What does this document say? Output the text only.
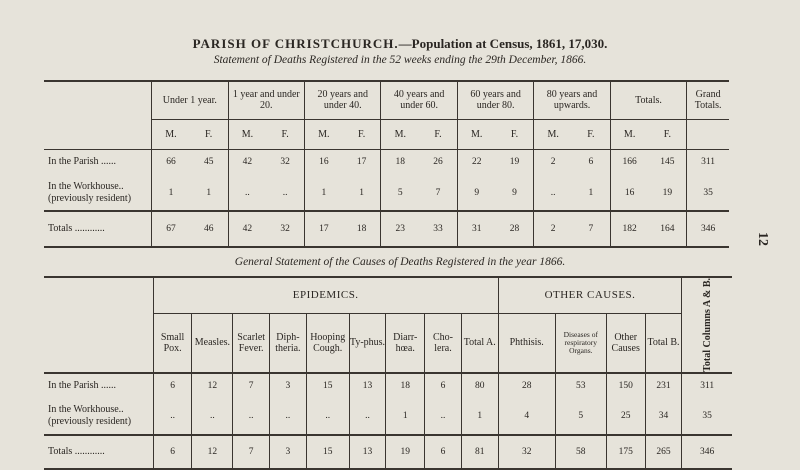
PARISH OF CHRISTCHURCH.—Population at Census, 1861, 17,030.
Statement of Deaths Registered in the 52 weeks ending the 29th December, 1866.
12
	Under 1 year.		1 year and under 20.		20 years and under 40.		40 years and under 60.		60 years and under 80.		80 years and upwards.		Totals.		Grand Totals.
	M.	F.	M.	F.	M.	F.	M.	F.	M.	F.	M.	F.	M.	F.	
In the Parish ......	66	45	42	32	16	17	18	26	22	19	2	6	166	145	311
In the Workhouse.. (previously resident)	1	1	..	..	1	1	5	7	9	9	..	1	16	19	35
Totals ............	67	46	42	32	17	18	23	33	31	28	2	7	182	164	346
General Statement of the Causes of Deaths Registered in the year 1866.
	EPIDEMICS.									OTHER CAUSES.				Total Columns A & B.

	Small Pox.	Measles.	Scarlet Fever.	Diph-theria.	Hooping Cough.	Ty-phus.	Diarr-hœa.	Cho-lera.	Total A.	Phthisis.	Diseases of respiratory Organs.	Other Causes	Total B.	
In the Parish ......	6	12	7	3	15	13	18	6	80	28	53	150	231	311
In the Workhouse.. (previously resident)	..	..	..	..	..	..	1	..	1	4	5	25	34	35
Totals ............	6	12	7	3	15	13	19	6	81	32	58	175	265	346
